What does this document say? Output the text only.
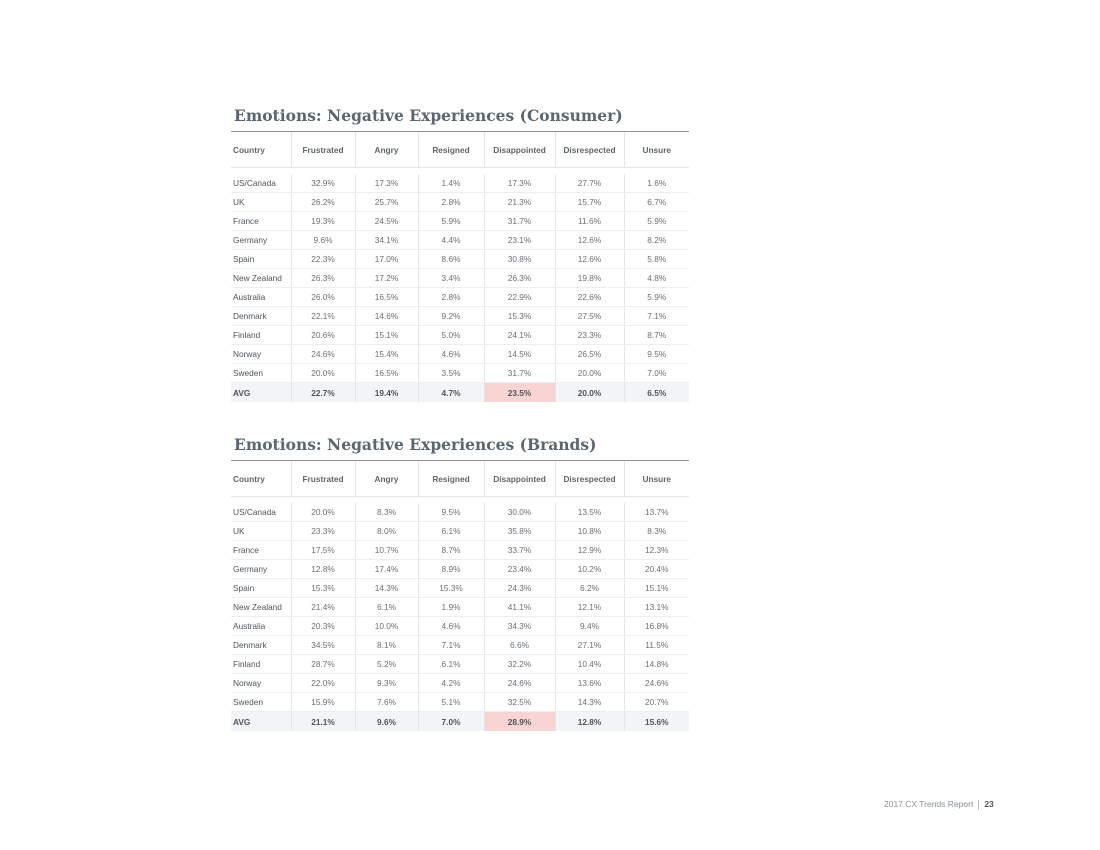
Emotions: Negative Experiences (Consumer)
Country	Frustrated	Angry	Resigned	Disappointed	Disrespected	Unsure

US/Canada	32.9%	17.3%	1.4%	17.3%	27.7%	1.6%
UK	26.2%	25.7%	2.8%	21.3%	15.7%	6.7%
France	19.3%	24.5%	5.9%	31.7%	11.6%	5.9%
Germany	9.6%	34.1%	4.4%	23.1%	12.6%	8.2%
Spain	22.3%	17.0%	8.6%	30.8%	12.6%	5.8%
New Zealand	26.3%	17.2%	3.4%	26.3%	19.8%	4.8%
Australia	26.0%	16.5%	2.8%	22.9%	22.6%	5.9%
Denmark	22.1%	14.6%	9.2%	15.3%	27.5%	7.1%
Finland	20.6%	15.1%	5.0%	24.1%	23.3%	8.7%
Norway	24.6%	15.4%	4.6%	14.5%	26.5%	9.5%
Sweden	20.0%	16.5%	3.5%	31.7%	20.0%	7.0%
AVG	22.7%	19.4%	4.7%	23.5%	20.0%	6.5%
Emotions: Negative Experiences (Brands)
Country	Frustrated	Angry	Resigned	Disappointed	Disrespected	Unsure

US/Canada	20.0%	8.3%	9.5%	30.0%	13.5%	13.7%
UK	23.3%	8.0%	6.1%	35.8%	10.8%	8.3%
France	17.5%	10.7%	8.7%	33.7%	12.9%	12.3%
Germany	12.8%	17.4%	8.9%	23.4%	10.2%	20.4%
Spain	15.3%	14.3%	15.3%	24.3%	6.2%	15.1%
New Zealand	21.4%	6.1%	1.9%	41.1%	12.1%	13.1%
Australia	20.3%	10.0%	4.6%	34.3%	9.4%	16.8%
Denmark	34.5%	8.1%	7.1%	6.6%	27.1%	11.5%
Finland	28.7%	5.2%	6.1%	32.2%	10.4%	14.8%
Norway	22.0%	9.3%	4.2%	24.6%	13.6%	24.6%
Sweden	15.9%	7.6%	5.1%	32.5%	14.3%	20.7%
AVG	21.1%	9.6%	7.0%	28.9%	12.8%	15.6%
2017 CX Trends Report 23
